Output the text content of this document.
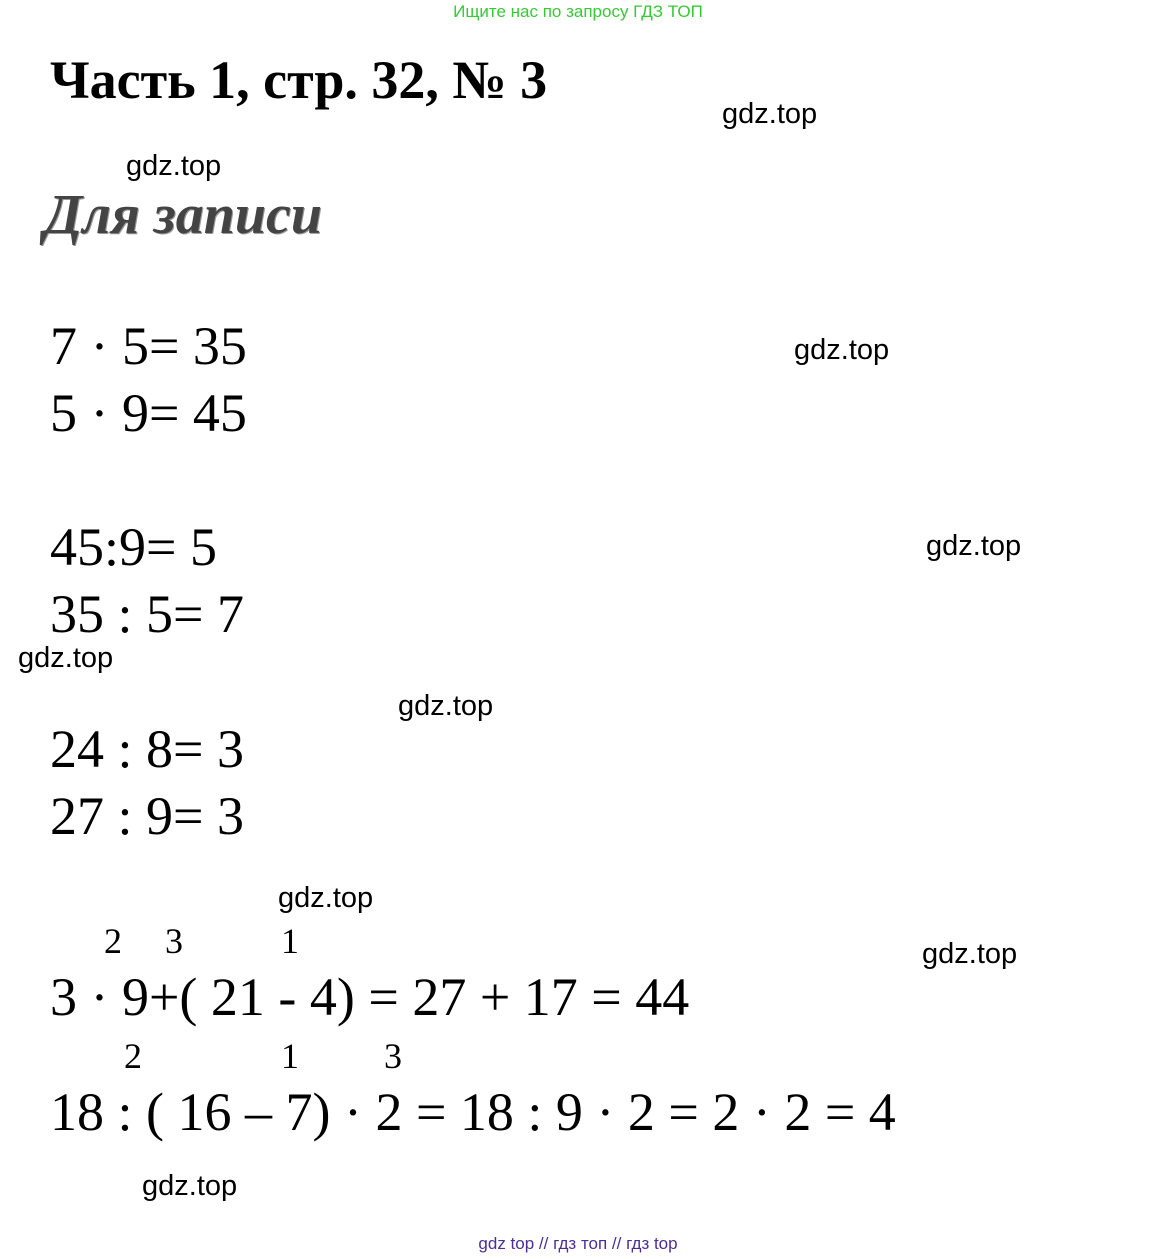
Ищите нас по запросу ГДЗ ТОП
Часть 1, стр. 32, № 3
Для записи
gdz.top
gdz.top
gdz.top
gdz.top
gdz.top
gdz.top
gdz.top
gdz.top
gdz.top
7 · 5= 35
5 · 9= 45
45:9= 5
35 : 5= 7
24 : 8= 3
27 : 9= 3
2 3	1
3 · 9+( 21 - 4) = 27 + 17 = 44
2	1 3
18 : ( 16 – 7) · 2 = 18 : 9 · 2 = 2 · 2 = 4
gdz top // гдз топ // гдз top
